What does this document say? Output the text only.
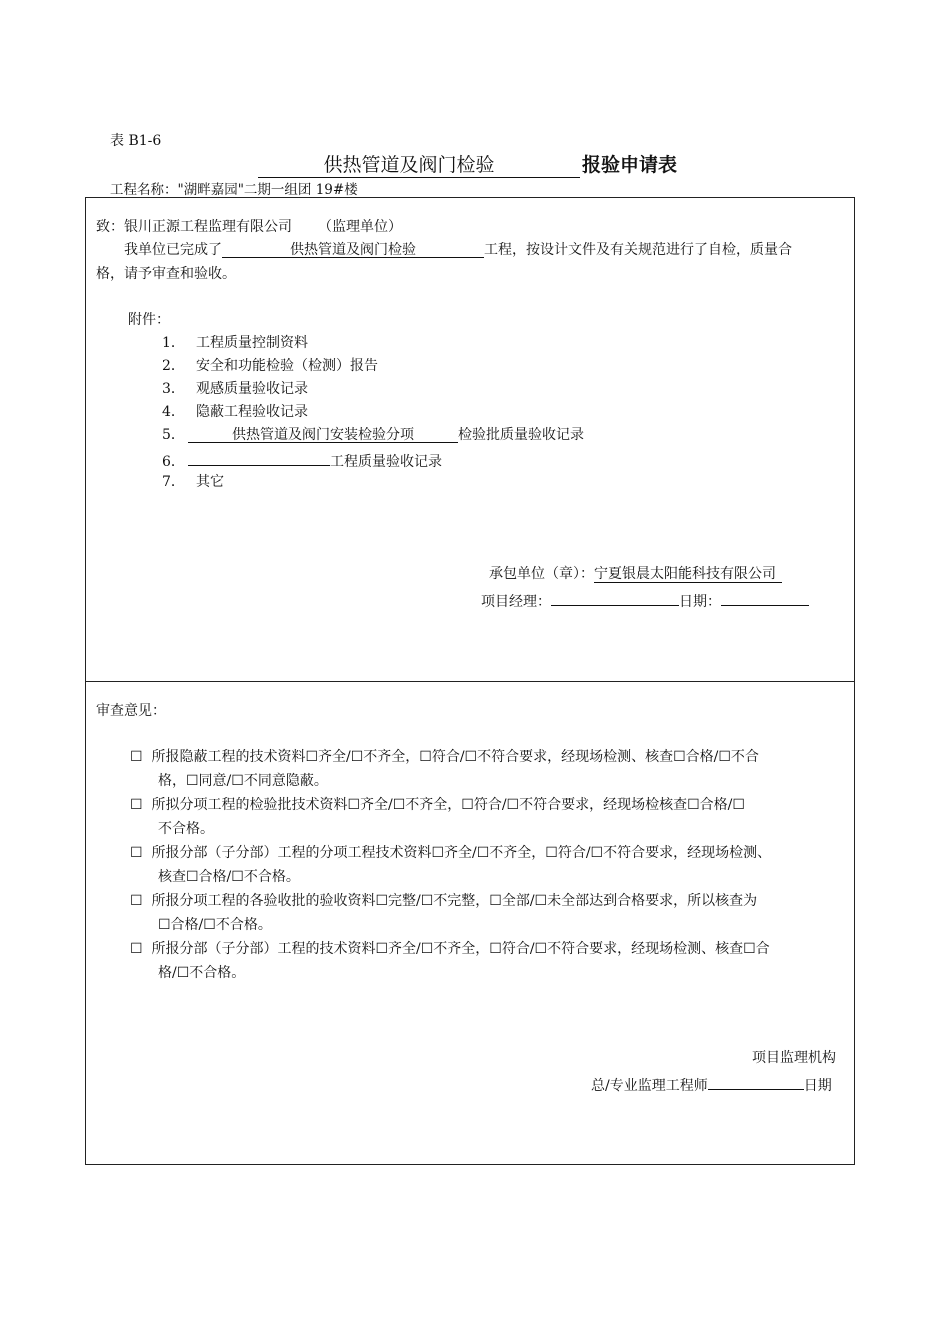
表 B1-6
供热管道及阀门检验	报验申请表
工程名称："湖畔嘉园"二期一组团 19#楼
致：银川正源工程监理有限公司 （监理单位）
我单位已完成了	供热管道及阀门检验	工程，按设计文件及有关规范进行了自检，质量合
格，请予审查和验收。
附件：
1． 工程质量控制资料
2． 安全和功能检验（检测）报告
3． 观感质量验收记录
4． 隐蔽工程验收记录
5．	供热管道及阀门安装检验分项	检验批质量验收记录
6．	工程质量验收记录
7． 其它
承包单位（章）：宁夏银晨太阳能科技有限公司
项目经理：	日期：
审查意见：
☐ 所报隐蔽工程的技术资料☐齐全/☐不齐全，☐符合/☐不符合要求，经现场检测、核查☐合格/☐不合
格，☐同意/☐不同意隐蔽。
☐ 所拟分项工程的检验批技术资料☐齐全/☐不齐全，☐符合/☐不符合要求，经现场检核查☐合格/☐
不合格。
☐ 所报分部（子分部）工程的分项工程技术资料☐齐全/☐不齐全，☐符合/☐不符合要求，经现场检测、
核查☐合格/☐不合格。
☐ 所报分项工程的各验收批的验收资料☐完整/☐不完整，☐全部/☐未全部达到合格要求，所以核查为
☐合格/☐不合格。
☐ 所报分部（子分部）工程的技术资料☐齐全/☐不齐全，☐符合/☐不符合要求，经现场检测、核查☐合
格/☐不合格。
项目监理机构
总/专业监理工程师	日期
